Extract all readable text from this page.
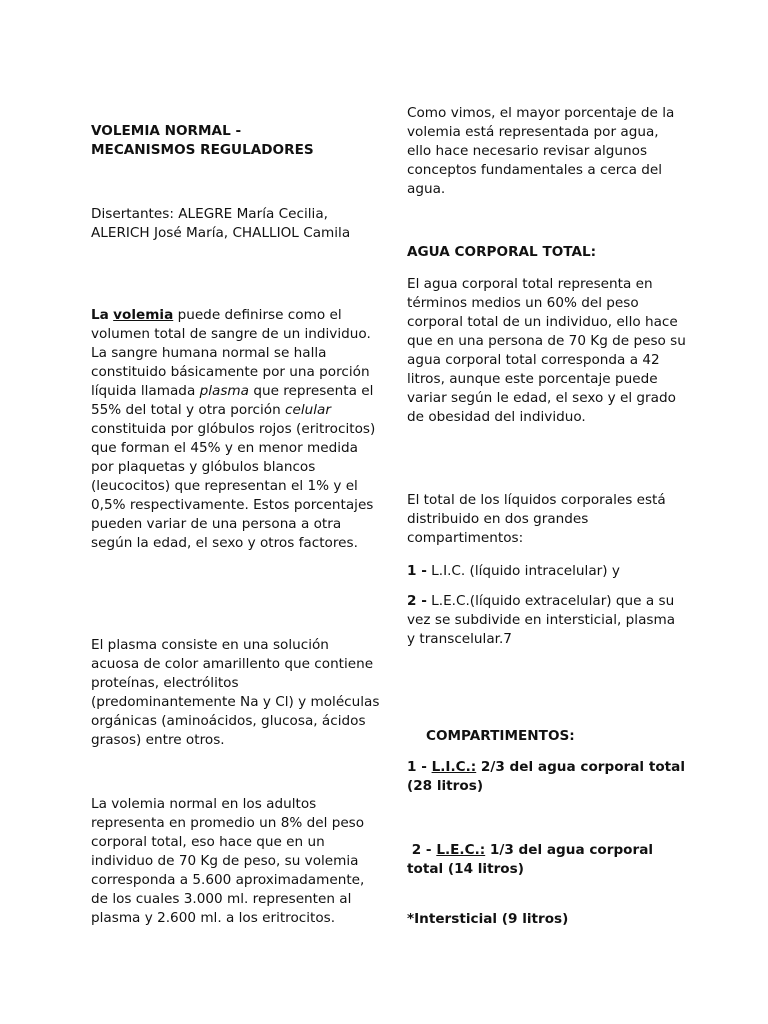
VOLEMIA NORMAL -
MECANISMOS REGULADORES

Disertantes: ALEGRE María Cecilia, ALERICH José María, CHALLIOL Camila

La volemia puede definirse como el volumen total de sangre de un individuo. La sangre humana normal se halla constituido básicamente por una porción líquida llamada plasma que representa el 55% del total y otra porción celular constituida por glóbulos rojos (eritrocitos) que forman el 45% y en menor medida por plaquetas y glóbulos blancos (leucocitos) que representan el 1% y el 0,5% respectivamente. Estos porcentajes pueden variar de una persona a otra según la edad, el sexo y otros factores.

El plasma consiste en una solución acuosa de color amarillento que contiene proteínas, electrólitos (predominantemente Na y Cl) y moléculas orgánicas (aminoácidos, glucosa, ácidos grasos) entre otros.

La volemia normal en los adultos representa en promedio un 8% del peso corporal total, eso hace que en un individuo de 70 Kg de peso, su volemia corresponda a 5.600 aproximadamente, de los cuales 3.000 ml. representen al plasma y 2.600 ml. a los eritrocitos.

Como vimos, el mayor porcentaje de la volemia está representada por agua, ello hace necesario revisar algunos conceptos fundamentales a cerca del agua.

AGUA CORPORAL TOTAL:

El agua corporal total representa en términos medios un 60% del peso corporal total de un individuo, ello hace que en una persona de 70 Kg de peso su agua corporal total corresponda a 42 litros, aunque este porcentaje puede variar según le edad, el sexo y el grado de obesidad del individuo.

El total de los líquidos corporales está distribuido en dos grandes compartimentos:

1 - L.I.C. (líquido intracelular) y

2 - L.E.C.(líquido extracelular) que a su vez se subdivide en intersticial, plasma y transcelular.7

COMPARTIMENTOS:

1 - L.I.C.: 2/3 del agua corporal total (28 litros)

2 - L.E.C.: 1/3 del agua corporal total (14 litros)

*Intersticial (9 litros)
